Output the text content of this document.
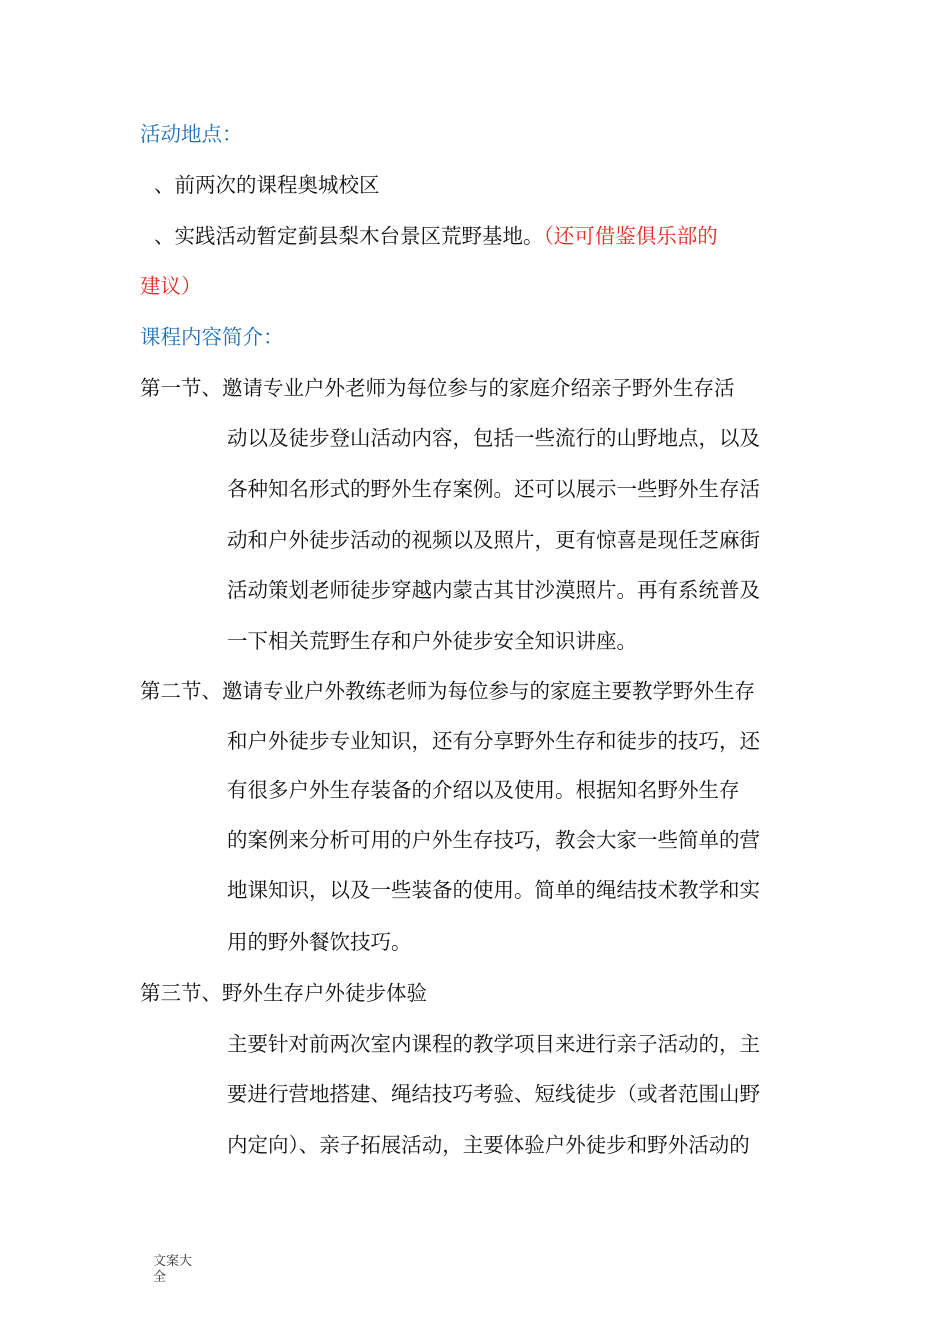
活动地点：

、前两次的课程奥城校区

、实践活动暂定蓟县梨木台景区荒野基地。（还可借鉴俱乐部的

建议）

课程内容简介：

第一节、邀请专业户外老师为每位参与的家庭介绍亲子野外生存活

动以及徒步登山活动内容，包括一些流行的山野地点，以及

各种知名形式的野外生存案例。还可以展示一些野外生存活

动和户外徒步活动的视频以及照片，更有惊喜是现任芝麻街

活动策划老师徒步穿越内蒙古其甘沙漠照片。再有系统普及

一下相关荒野生存和户外徒步安全知识讲座。

第二节、邀请专业户外教练老师为每位参与的家庭主要教学野外生存

和户外徒步专业知识，还有分享野外生存和徒步的技巧，还

有很多户外生存装备的介绍以及使用。根据知名野外生存

的案例来分析可用的户外生存技巧，教会大家一些简单的营

地课知识，以及一些装备的使用。简单的绳结技术教学和实

用的野外餐饮技巧。

第三节、野外生存户外徒步体验

主要针对前两次室内课程的教学项目来进行亲子活动的，主

要进行营地搭建、绳结技巧考验、短线徒步（或者范围山野

内定向）、亲子拓展活动，主要体验户外徒步和野外活动的

文案大
全
